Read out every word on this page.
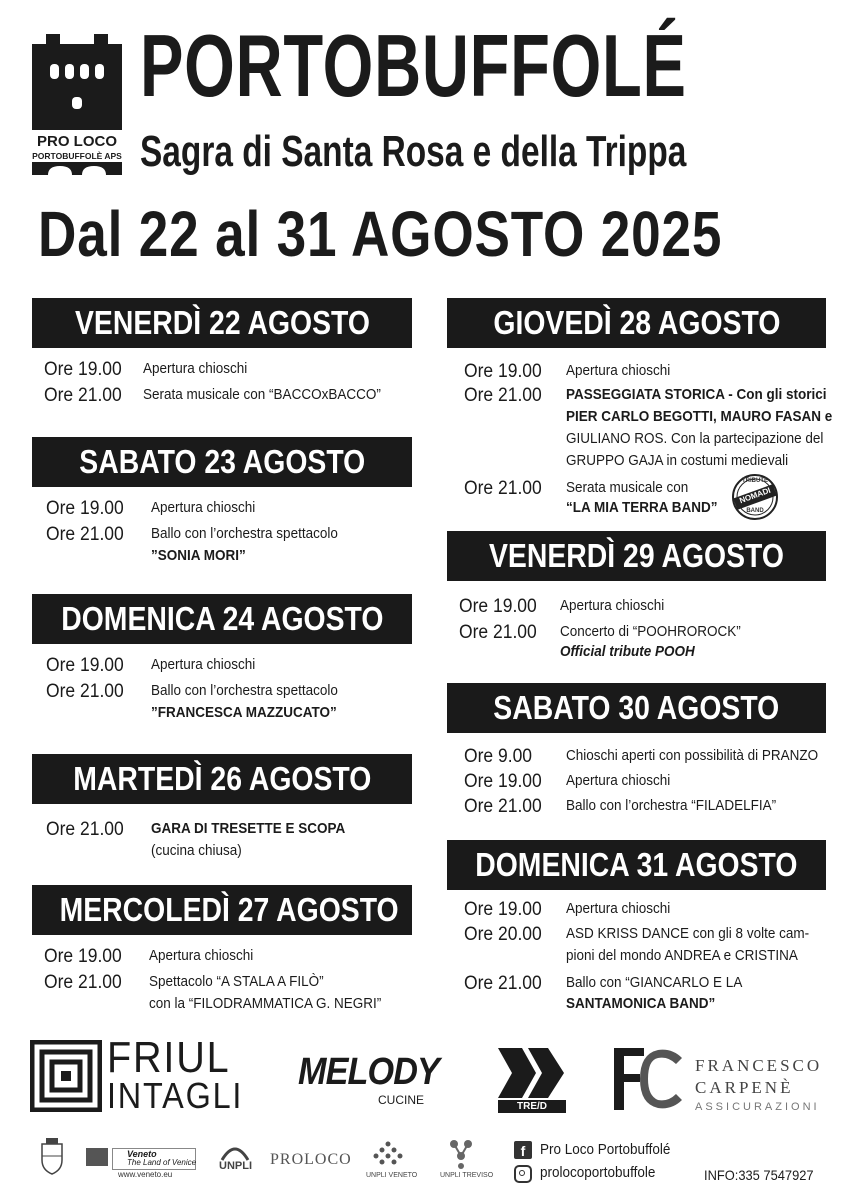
PRO LOCO
PORTOBUFFOLÈ APS
PORTOBUFFOLÉ
Sagra di Santa Rosa e della Trippa
Dal 22 al 31 AGOSTO 2025
VENERDÌ 22 AGOSTO
Ore 19.00 Apertura chioschi
Ore 21.00 Serata musicale con “BACCOxBACCO”
SABATO 23 AGOSTO
Ore 19.00 Apertura chioschi
Ore 21.00 Ballo con l’orchestra spettacolo
”SONIA MORI”
DOMENICA 24 AGOSTO
Ore 19.00 Apertura chioschi
Ore 21.00 Ballo con l’orchestra spettacolo
”FRANCESCA MAZZUCATO”
MARTEDÌ 26 AGOSTO
Ore 21.00 GARA DI TRESETTE E SCOPA
(cucina chiusa)
MERCOLEDÌ 27 AGOSTO
Ore 19.00 Apertura chioschi
Ore 21.00 Spettacolo “A STALA A FILÒ”
con la “FILODRAMMATICA G. NEGRI”
GIOVEDÌ 28 AGOSTO
Ore 19.00 Apertura chioschi
Ore 21.00 PASSEGGIATA STORICA - Con gli storici
PIER CARLO BEGOTTI, MAURO FASAN e
GIULIANO ROS. Con la partecipazione del
GRUPPO GAJA in costumi medievali
Ore 21.00 Serata musicale con
“LA MIA TERRA BAND”
TRIBUTE
NOMADI
BAND
VENERDÌ 29 AGOSTO
Ore 19.00 Apertura chioschi
Ore 21.00 Concerto di “POOHROROCK”
Official tribute POOH
SABATO 30 AGOSTO
Ore 9.00 Chioschi aperti con possibilità di PRANZO
Ore 19.00 Apertura chioschi
Ore 21.00 Ballo con l’orchestra “FILADELFIA”
DOMENICA 31 AGOSTO
Ore 19.00 Apertura chioschi
Ore 20.00 ASD KRISS DANCE con gli 8 volte cam-
pioni del mondo ANDREA e CRISTINA
Ore 21.00 Ballo con “GIANCARLO E LA
SANTAMONICA BAND”
FRIUL
INTAGLI
MELODY
CUCINE	TRE/D
FRANCESCO
CARPENÈ
ASSICURAZIONI
Veneto
The Land of Venice
www.veneto.eu
UNPLI PROLOCO
UNPLI VENETO	UNPLI TREVISO
f Pro Loco Portobuffolé
prolocoportobuffole	INFO:335 7547927
